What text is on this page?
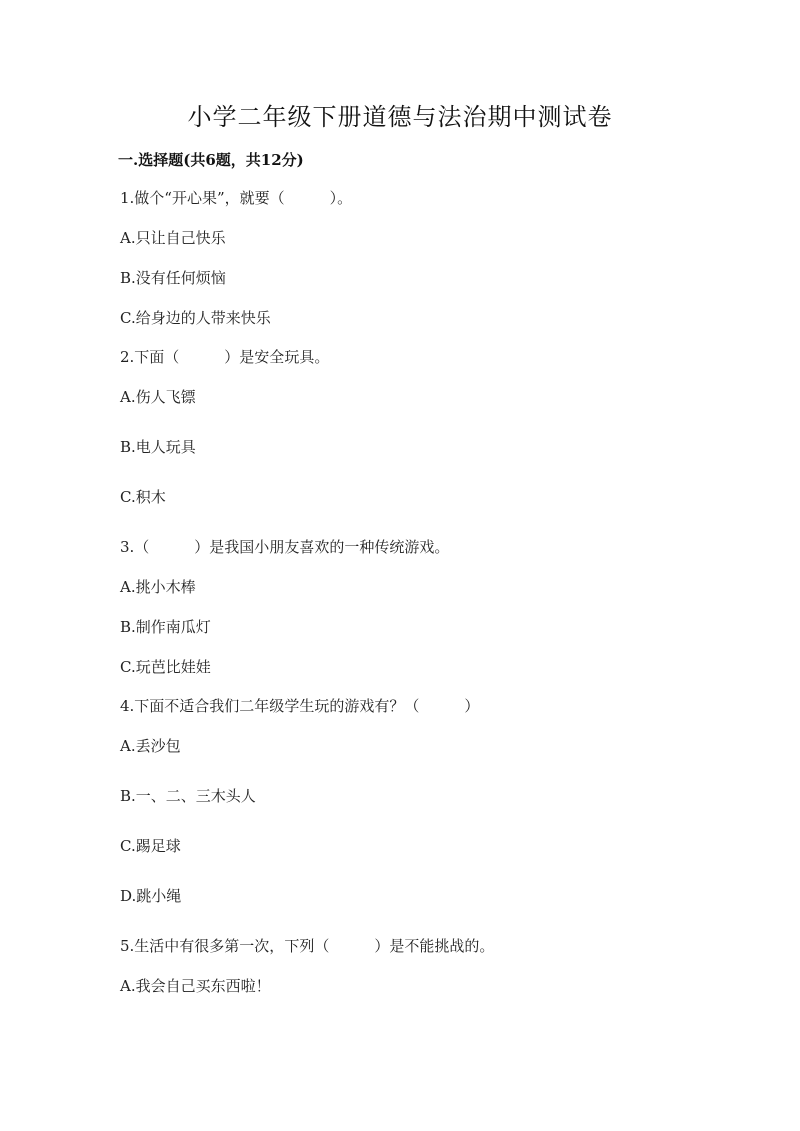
小学二年级下册道德与法治期中测试卷
一.选择题(共6题，共12分)
1.做个“开心果”，就要（　　　）。
A.只让自己快乐
B.没有任何烦恼
C.给身边的人带来快乐
2.下面（　　　）是安全玩具。
A.伤人飞镖
B.电人玩具
C.积木
3.（　　　）是我国小朋友喜欢的一种传统游戏。
A.挑小木棒
B.制作南瓜灯
C.玩芭比娃娃
4.下面不适合我们二年级学生玩的游戏有？（　　　）
A.丢沙包
B.一、二、三木头人
C.踢足球
D.跳小绳
5.生活中有很多第一次，下列（　　　）是不能挑战的。
A.我会自己买东西啦！
